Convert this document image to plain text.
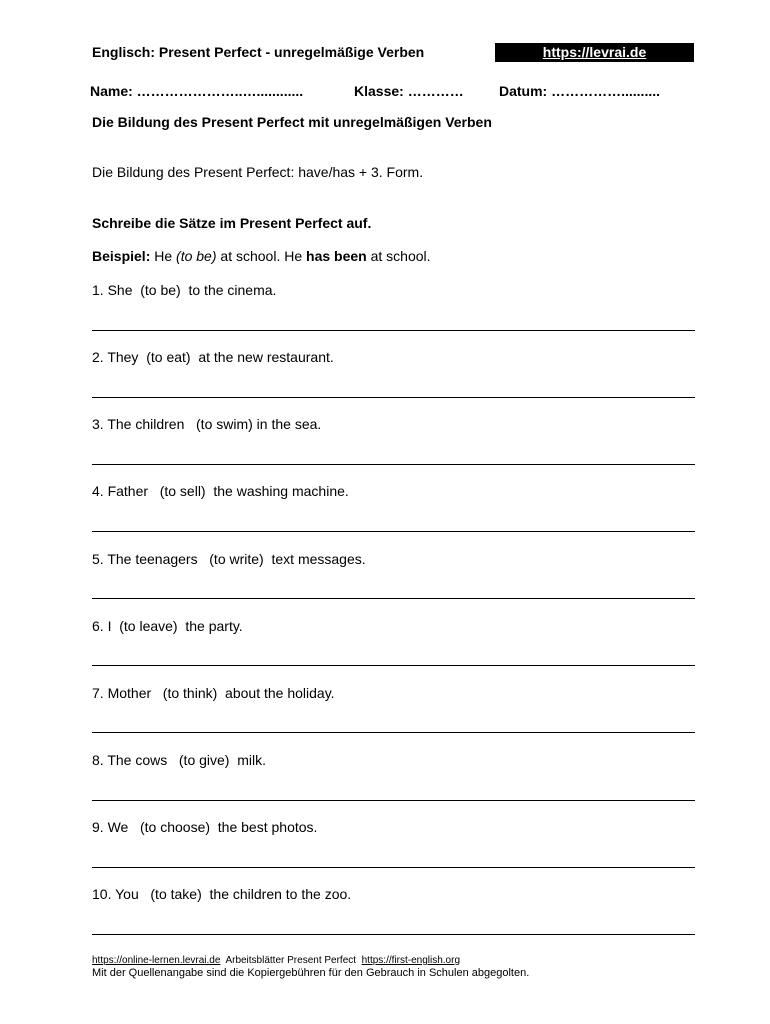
Englisch: Present Perfect - unregelmäßige Verben	https://levrai.de
Name: …………………..…............	Klasse: …………	Datum: ……………..........
Die Bildung des Present Perfect mit unregelmäßigen Verben
Die Bildung des Present Perfect: have/has + 3. Form.
Schreibe die Sätze im Present Perfect auf.
Beispiel: He (to be) at school. He has been at school.
1. She  (to be)  to the cinema.
2. They  (to eat)  at the new restaurant.
3. The children   (to swim) in the sea.
4. Father   (to sell)  the washing machine.
5. The teenagers   (to write)  text messages.
6. I  (to leave)  the party.
7. Mother   (to think)  about the holiday.
8. The cows   (to give)  milk.
9. We   (to choose)  the best photos.
10. You   (to take)  the children to the zoo.
https://online-lernen.levrai.de Arbeitsblätter Present Perfect https://first-english.org
Mit der Quellenangabe sind die Kopiergebühren für den Gebrauch in Schulen abgegolten.
